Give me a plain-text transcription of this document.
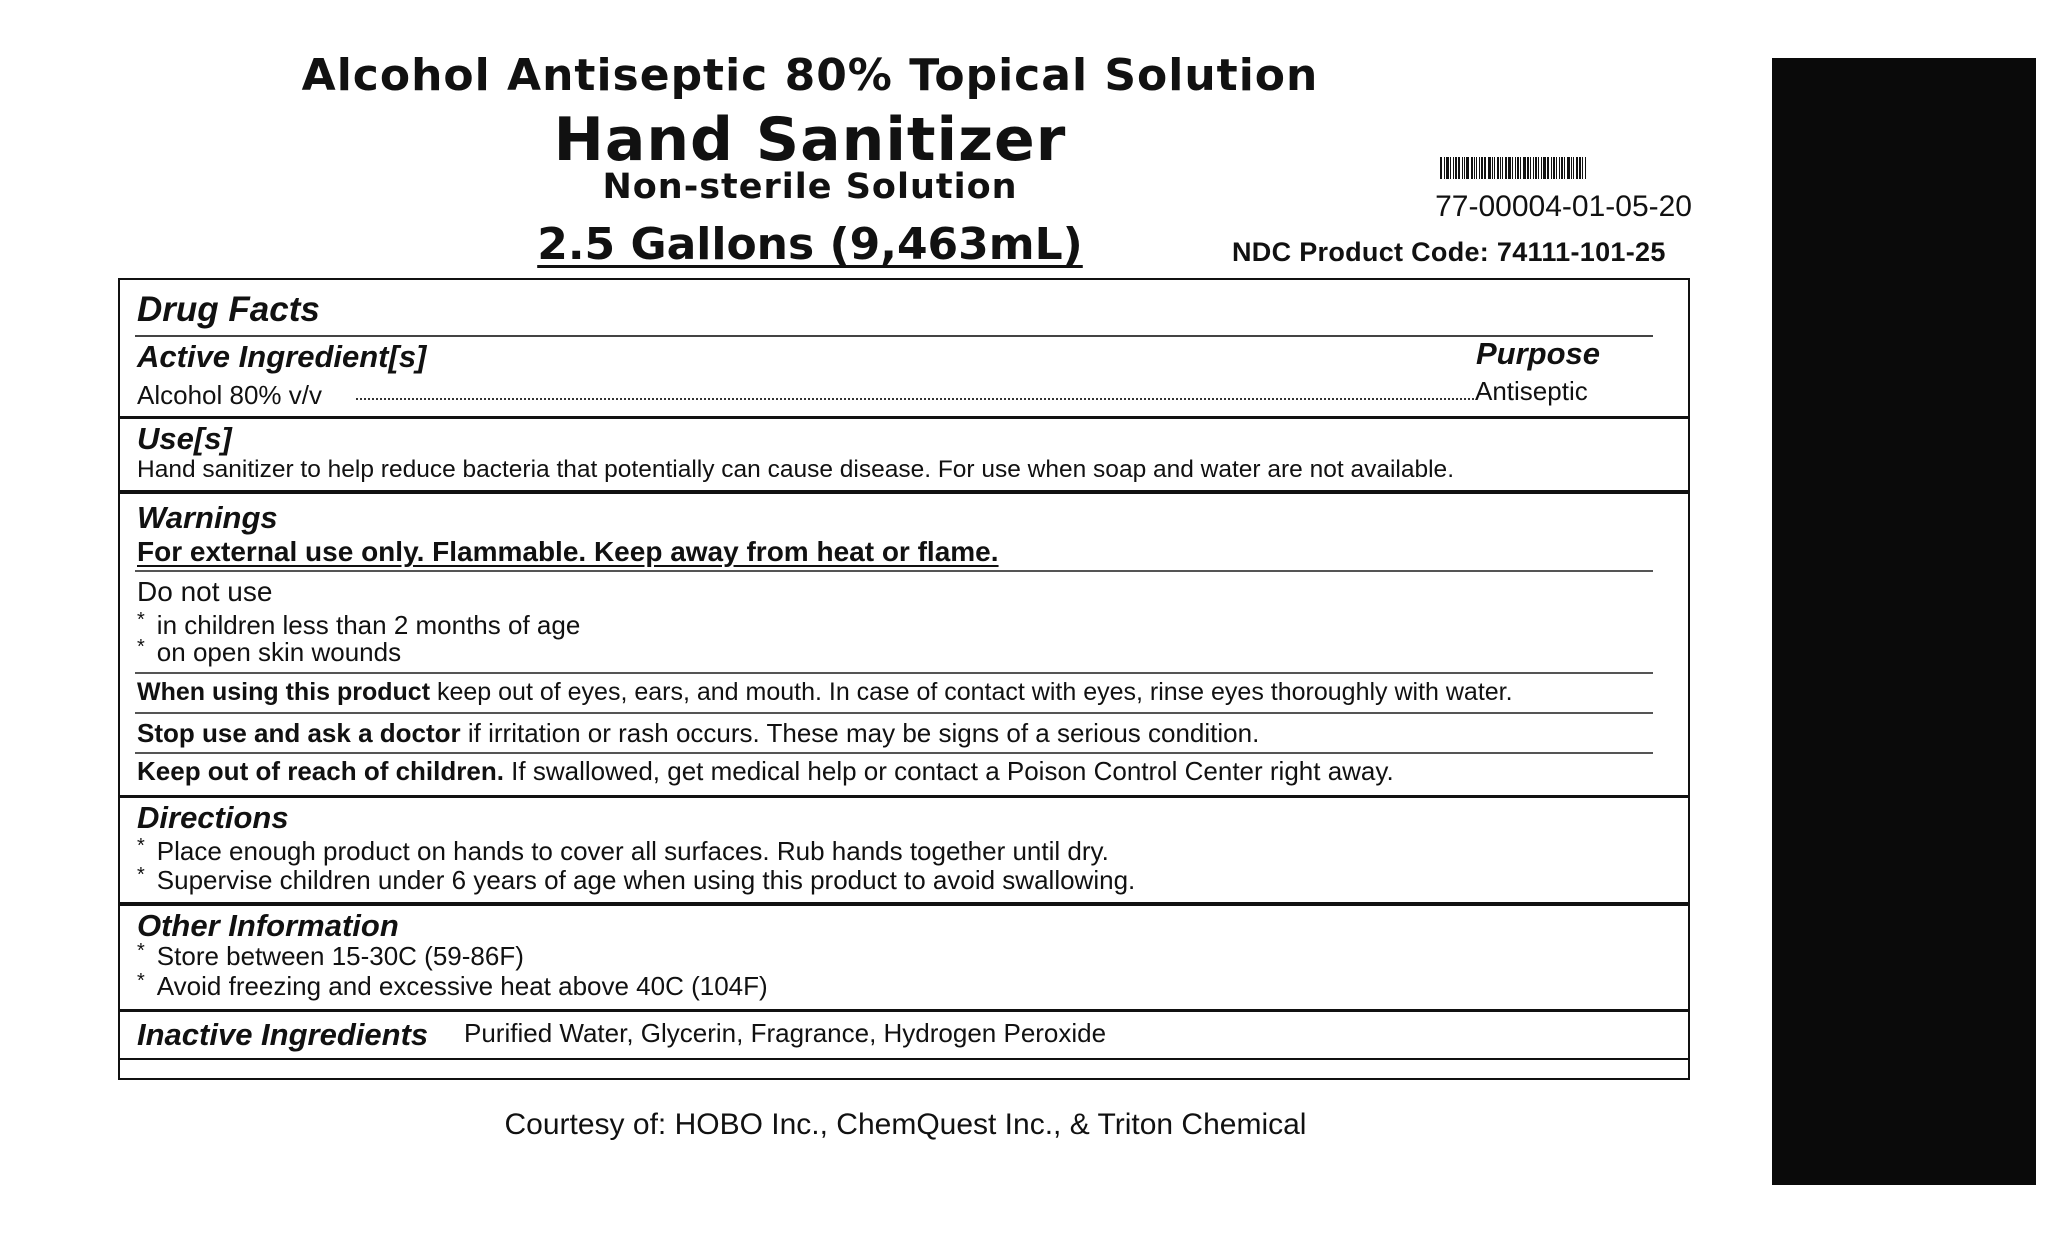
Alcohol Antiseptic 80% Topical Solution
Hand Sanitizer
Non-sterile Solution
2.5 Gallons (9,463mL)
77-00004-01-05-20
NDC Product Code: 74111-101-25
Drug Facts
Active Ingredient[s]	Purpose
Alcohol 80% v/v	Antiseptic
Use[s]
Hand sanitizer to help reduce bacteria that potentially can cause disease. For use when soap and water are not available.
Warnings
For external use only. Flammable. Keep away from heat or flame.
Do not use
* in children less than 2 months of age
* on open skin wounds
When using this product keep out of eyes, ears, and mouth. In case of contact with eyes, rinse eyes thoroughly with water.
Stop use and ask a doctor if irritation or rash occurs. These may be signs of a serious condition.
Keep out of reach of children. If swallowed, get medical help or contact a Poison Control Center right away.
Directions
* Place enough product on hands to cover all surfaces. Rub hands together until dry.
* Supervise children under 6 years of age when using this product to avoid swallowing.
Other Information
* Store between 15-30C (59-86F)
* Avoid freezing and excessive heat above 40C (104F)
Inactive Ingredients Purified Water, Glycerin, Fragrance, Hydrogen Peroxide
Courtesy of: HOBO Inc., ChemQuest Inc., & Triton Chemical
